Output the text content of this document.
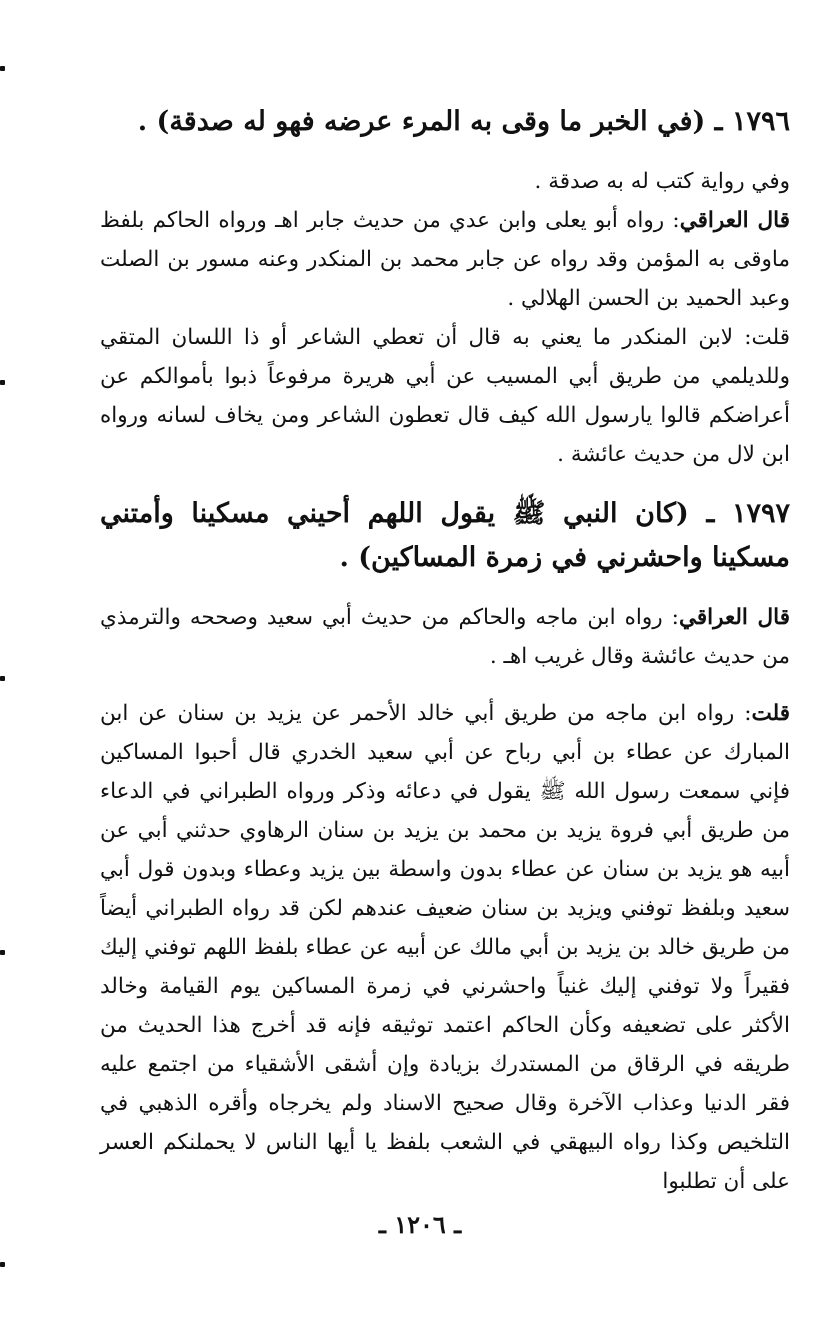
١٧٩٦ ـ (في الخبر ما وقى به المرء عرضه فهو له صدقة) .

وفي رواية كتب له به صدقة .

قال العراقي: رواه أبو يعلى وابن عدي من حديث جابر اهـ ورواه الحاكم بلفظ ماوقى به المؤمن وقد رواه عن جابر محمد بن المنكدر وعنه مسور بن الصلت وعبد الحميد بن الحسن الهلالي .

قلت: لابن المنكدر ما يعني به قال أن تعطي الشاعر أو ذا اللسان المتقي وللديلمي من طريق أبي المسيب عن أبي هريرة مرفوعاً ذبوا بأموالكم عن أعراضكم قالوا يارسول الله كيف قال تعطون الشاعر ومن يخاف لسانه ورواه ابن لال من حديث عائشة .

١٧٩٧ ـ (كان النبي ﷺ يقول اللهم أحيني مسكينا وأمتني مسكينا واحشرني في زمرة المساكين) .

قال العراقي: رواه ابن ماجه والحاكم من حديث أبي سعيد وصححه والترمذي من حديث عائشة وقال غريب اهـ .

قلت: رواه ابن ماجه من طريق أبي خالد الأحمر عن يزيد بن سنان عن ابن المبارك عن عطاء بن أبي رباح عن أبي سعيد الخدري قال أحبوا المساكين فإني سمعت رسول الله ﷺ يقول في دعائه وذكر ورواه الطبراني في الدعاء من طريق أبي فروة يزيد بن محمد بن يزيد بن سنان الرهاوي حدثني أبي عن أبيه هو يزيد بن سنان عن عطاء بدون واسطة بين يزيد وعطاء وبدون قول أبي سعيد وبلفظ توفني ويزيد بن سنان ضعيف عندهم لكن قد رواه الطبراني أيضاً من طريق خالد بن يزيد بن أبي مالك عن أبيه عن عطاء بلفظ اللهم توفني إليك فقيراً ولا توفني إليك غنياً واحشرني في زمرة المساكين يوم القيامة وخالد الأكثر على تضعيفه وكأن الحاكم اعتمد توثيقه فإنه قد أخرج هذا الحديث من طريقه في الرقاق من المستدرك بزيادة وإن أشقى الأشقياء من اجتمع عليه فقر الدنيا وعذاب الآخرة وقال صحيح الاسناد ولم يخرجاه وأقره الذهبي في التلخيص وكذا رواه البيهقي في الشعب بلفظ يا أيها الناس لا يحملنكم العسر على أن تطلبوا

ـ ١٢٠٦ ـ
